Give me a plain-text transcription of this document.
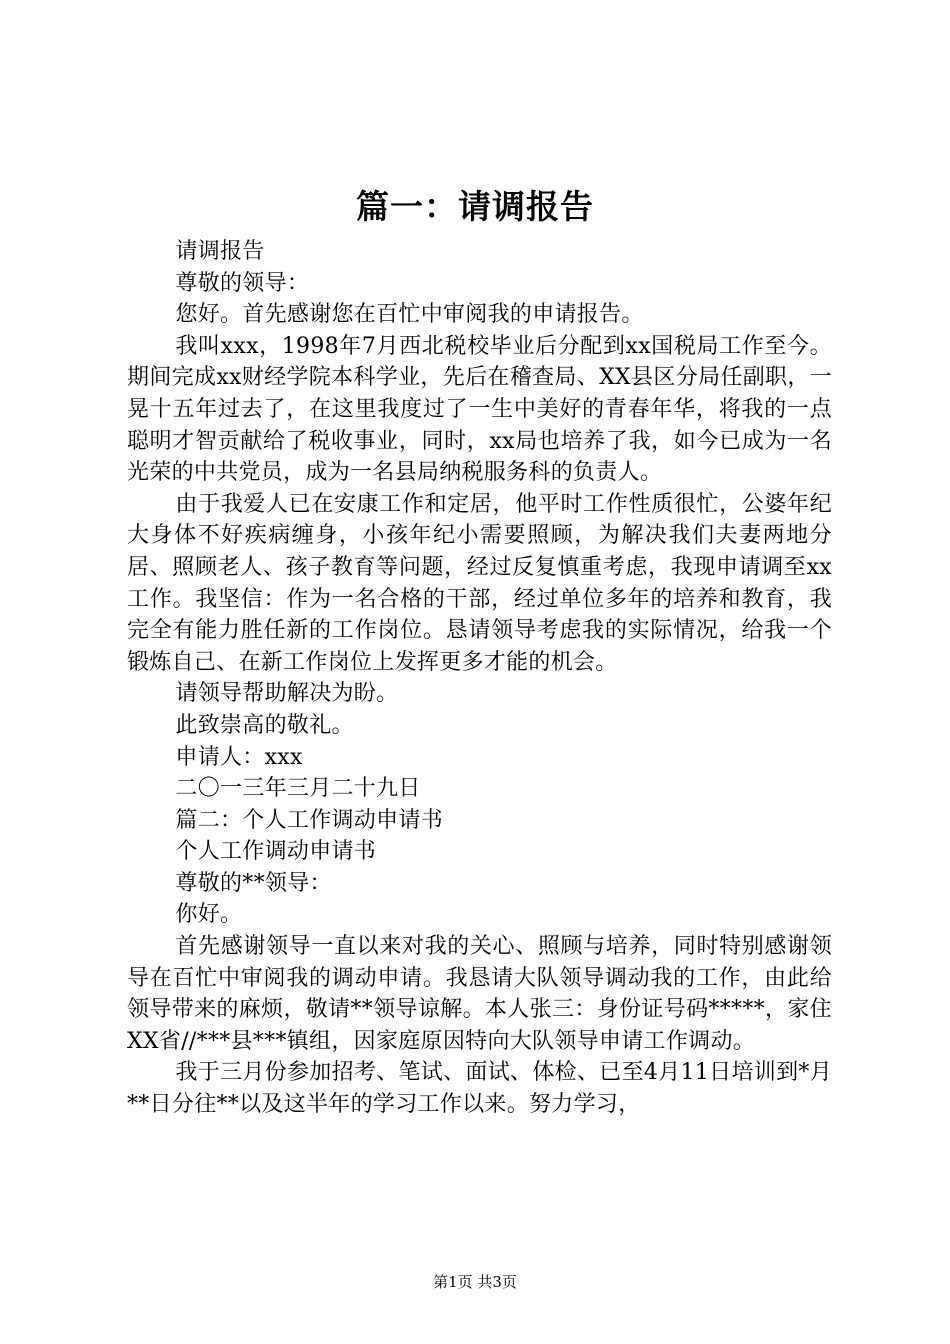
篇一：请调报告

请调报告

尊敬的领导：

您好。首先感谢您在百忙中审阅我的申请报告。

我叫xxx，1998年7月西北税校毕业后分配到xx国税局工作至今。期间完成xx财经学院本科学业，先后在稽查局、XX县区分局任副职，一晃十五年过去了，在这里我度过了一生中美好的青春年华，将我的一点聪明才智贡献给了税收事业，同时，xx局也培养了我，如今已成为一名光荣的中共党员，成为一名县局纳税服务科的负责人。

由于我爱人已在安康工作和定居，他平时工作性质很忙，公婆年纪大身体不好疾病缠身，小孩年纪小需要照顾，为解决我们夫妻两地分居、照顾老人、孩子教育等问题，经过反复慎重考虑，我现申请调至xx工作。我坚信：作为一名合格的干部，经过单位多年的培养和教育，我完全有能力胜任新的工作岗位。恳请领导考虑我的实际情况，给我一个锻炼自己、在新工作岗位上发挥更多才能的机会。

请领导帮助解决为盼。

此致崇高的敬礼。

申请人：xxx

二〇一三年三月二十九日

篇二：个人工作调动申请书

个人工作调动申请书

尊敬的**领导：

你好。

首先感谢领导一直以来对我的关心、照顾与培养，同时特别感谢领导在百忙中审阅我的调动申请。我恳请大队领导调动我的工作，由此给领导带来的麻烦，敬请**领导谅解。本人张三：身份证号码*****，家住XX省//***县***镇组，因家庭原因特向大队领导申请工作调动。

我于三月份参加招考、笔试、面试、体检、已至4月11日培训到*月**日分往**以及这半年的学习工作以来。努力学习，

第1页 共3页
